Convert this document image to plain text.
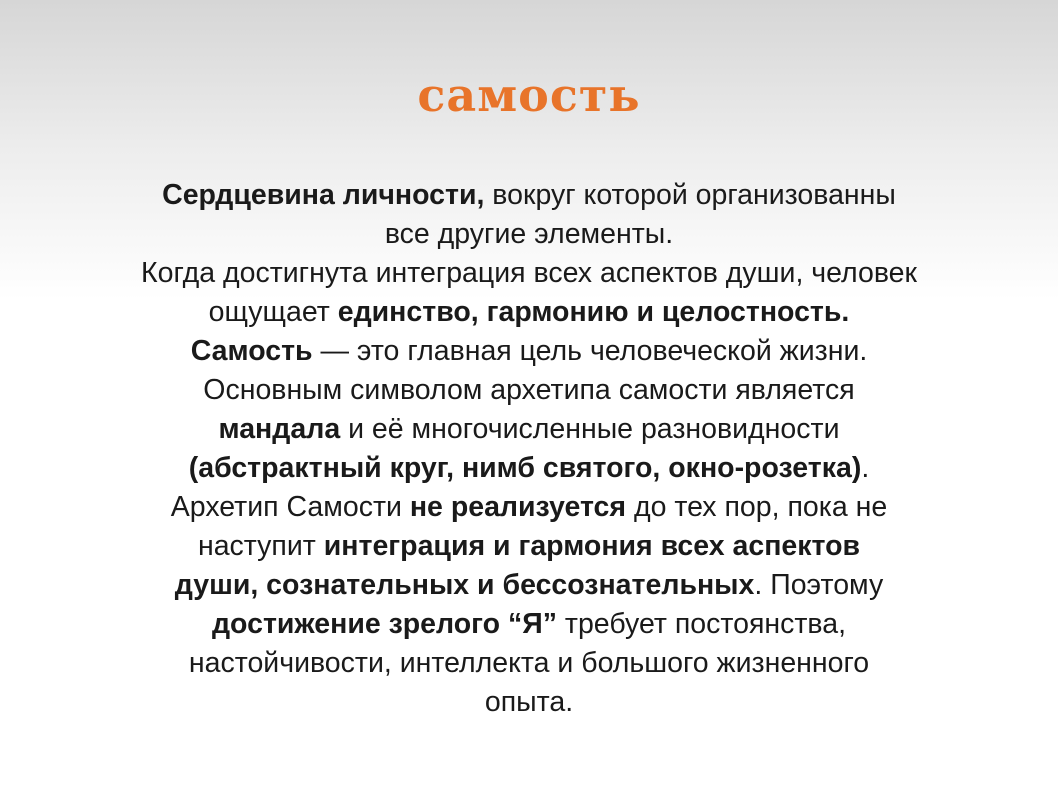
самость
Сердцевина личности, вокруг которой организованны
все другие элементы.
Когда достигнута интеграция всех аспектов души, человек
ощущает единство, гармонию и целостность.
Самость — это главная цель человеческой жизни.
Основным символом архетипа самости является
мандала и её многочисленные разновидности
(абстрактный круг, нимб святого, окно-розетка).
Архетип Самости не реализуется до тех пор, пока не
наступит интеграция и гармония всех аспектов
души, сознательных и бессознательных. Поэтому
достижение зрелого “Я” требует постоянства,
настойчивости, интеллекта и большого жизненного
опыта.
